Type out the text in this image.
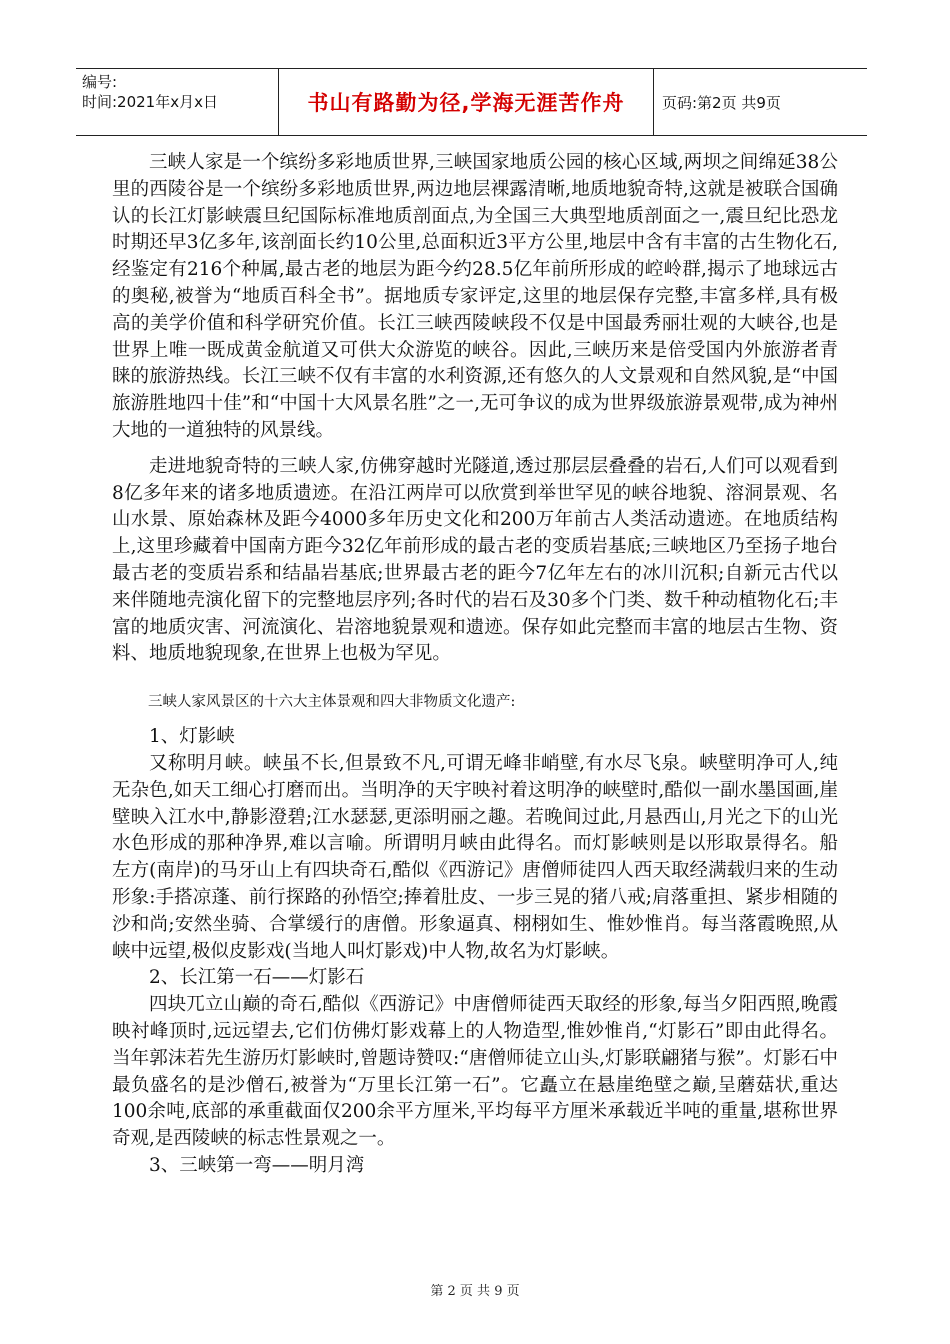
编号:
时间:2021年x月x日	书山有路勤为径,学海无涯苦作舟	页码:第2页 共9页

三峡人家是一个缤纷多彩地质世界,三峡国家地质公园的核心区域,两坝之间绵延38公里的西陵谷是一个缤纷多彩地质世界,两边地层裸露清晰,地质地貌奇特,这就是被联合国确认的长江灯影峡震旦纪国际标准地质剖面点,为全国三大典型地质剖面之一,震旦纪比恐龙时期还早3亿多年,该剖面长约10公里,总面积近3平方公里,地层中含有丰富的古生物化石,经鉴定有216个种属,最古老的地层为距今约28.5亿年前所形成的崆岭群,揭示了地球远古的奥秘,被誉为“地质百科全书”。据地质专家评定,这里的地层保存完整,丰富多样,具有极高的美学价值和科学研究价值。长江三峡西陵峡段不仅是中国最秀丽壮观的大峡谷,也是世界上唯一既成黄金航道又可供大众游览的峡谷。因此,三峡历来是倍受国内外旅游者青睐的旅游热线。长江三峡不仅有丰富的水利资源,还有悠久的人文景观和自然风貌,是“中国旅游胜地四十佳”和“中国十大风景名胜”之一,无可争议的成为世界级旅游景观带,成为神州大地的一道独特的风景线。

走进地貌奇特的三峡人家,仿佛穿越时光隧道,透过那层层叠叠的岩石,人们可以观看到8亿多年来的诸多地质遗迹。在沿江两岸可以欣赏到举世罕见的峡谷地貌、溶洞景观、名山水景、原始森林及距今4000多年历史文化和200万年前古人类活动遗迹。在地质结构上,这里珍藏着中国南方距今32亿年前形成的最古老的变质岩基底;三峡地区乃至扬子地台最古老的变质岩系和结晶岩基底;世界最古老的距今7亿年左右的冰川沉积;自新元古代以来伴随地壳演化留下的完整地层序列;各时代的岩石及30多个门类、数千种动植物化石;丰富的地质灾害、河流演化、岩溶地貌景观和遗迹。保存如此完整而丰富的地层古生物、资料、地质地貌现象,在世界上也极为罕见。

三峡人家风景区的十六大主体景观和四大非物质文化遗产:

1、灯影峡

又称明月峡。峡虽不长,但景致不凡,可谓无峰非峭壁,有水尽飞泉。峡壁明净可人,纯无杂色,如天工细心打磨而出。当明净的天宇映衬着这明净的峡壁时,酷似一副水墨国画,崖壁映入江水中,静影澄碧;江水瑟瑟,更添明丽之趣。若晚间过此,月悬西山,月光之下的山光水色形成的那种净界,难以言喻。所谓明月峡由此得名。而灯影峡则是以形取景得名。船左方(南岸)的马牙山上有四块奇石,酷似《西游记》唐僧师徒四人西天取经满载归来的生动形象:手搭凉蓬、前行探路的孙悟空;捧着肚皮、一步三晃的猪八戒;肩落重担、紧步相随的沙和尚;安然坐骑、合掌缓行的唐僧。形象逼真、栩栩如生、惟妙惟肖。每当落霞晚照,从峡中远望,极似皮影戏(当地人叫灯影戏)中人物,故名为灯影峡。

2、长江第一石——灯影石

四块兀立山巅的奇石,酷似《西游记》中唐僧师徒西天取经的形象,每当夕阳西照,晚霞映衬峰顶时,远远望去,它们仿佛灯影戏幕上的人物造型,惟妙惟肖,“灯影石”即由此得名。当年郭沫若先生游历灯影峡时,曾题诗赞叹:“唐僧师徒立山头,灯影联翩猪与猴”。灯影石中最负盛名的是沙僧石,被誉为“万里长江第一石”。它矗立在悬崖绝壁之巅,呈蘑菇状,重达100余吨,底部的承重截面仅200余平方厘米,平均每平方厘米承载近半吨的重量,堪称世界奇观,是西陵峡的标志性景观之一。

3、三峡第一弯——明月湾

第 2 页 共 9 页
